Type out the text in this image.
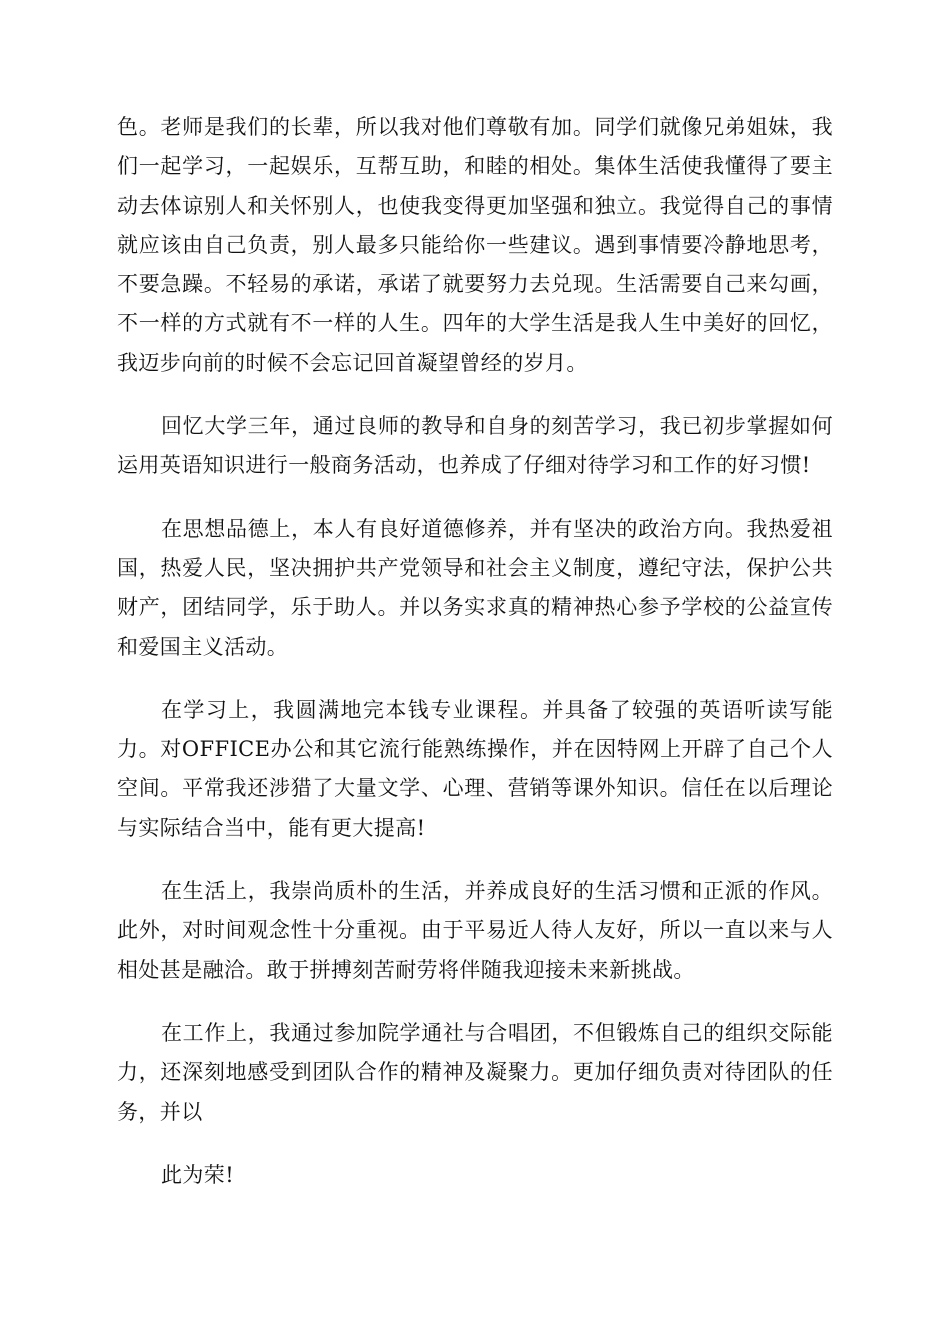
色。老师是我们的长辈，所以我对他们尊敬有加。同学们就像兄弟姐妹，我们一起学习，一起娱乐，互帮互助，和睦的相处。集体生活使我懂得了要主动去体谅别人和关怀别人，也使我变得更加坚强和独立。我觉得自己的事情就应该由自己负责，别人最多只能给你一些建议。遇到事情要冷静地思考，不要急躁。不轻易的承诺，承诺了就要努力去兑现。生活需要自己来勾画，不一样的方式就有不一样的人生。四年的大学生活是我人生中美好的回忆，我迈步向前的时候不会忘记回首凝望曾经的岁月。

回忆大学三年，通过良师的教导和自身的刻苦学习，我已初步掌握如何运用英语知识进行一般商务活动，也养成了仔细对待学习和工作的好习惯!

在思想品德上，本人有良好道德修养，并有坚决的政治方向。我热爱祖国，热爱人民，坚决拥护共产党领导和社会主义制度，遵纪守法，保护公共财产，团结同学，乐于助人。并以务实求真的精神热心参予学校的公益宣传和爱国主义活动。

在学习上，我圆满地完本钱专业课程。并具备了较强的英语听读写能力。对OFFICE办公和其它流行能熟练操作，并在因特网上开辟了自己个人空间。平常我还涉猎了大量文学、心理、营销等课外知识。信任在以后理论与实际结合当中，能有更大提高!

在生活上，我崇尚质朴的生活，并养成良好的生活习惯和正派的作风。此外，对时间观念性十分重视。由于平易近人待人友好，所以一直以来与人相处甚是融洽。敢于拼搏刻苦耐劳将伴随我迎接未来新挑战。

在工作上，我通过参加院学通社与合唱团，不但锻炼自己的组织交际能力，还深刻地感受到团队合作的精神及凝聚力。更加仔细负责对待团队的任务，并以

此为荣!
